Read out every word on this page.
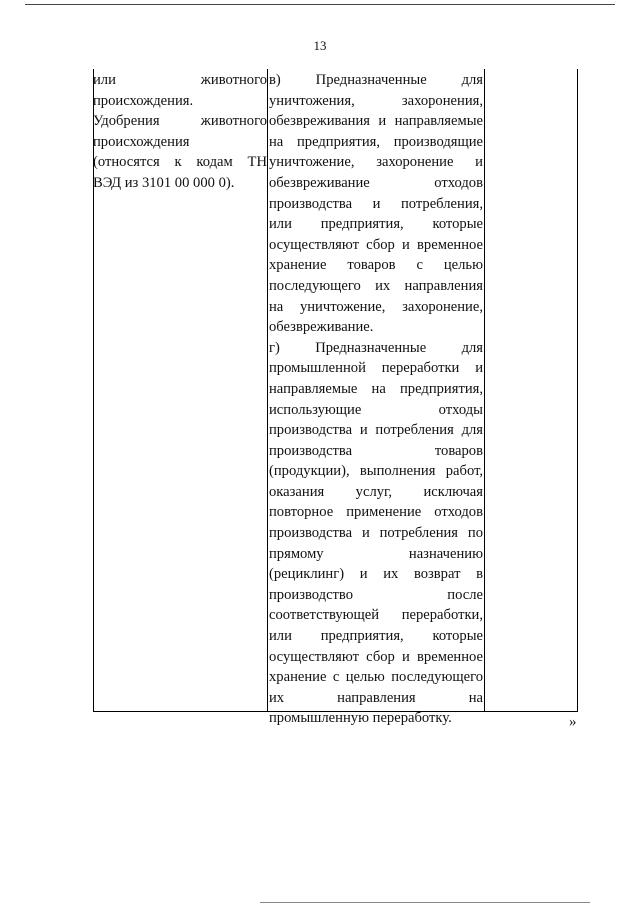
13
или животного
происхождения.
Удобрения животного
происхождения
(относятся к кодам ТН
ВЭД из 3101 00 000 0).
в) Предназначенные для
уничтожения, захоронения,
обезвреживания и направляемые
на предприятия, производящие
уничтожение, захоронение и
обезвреживание отходов
производства и потребления,
или предприятия, которые
осуществляют сбор и временное
хранение товаров с целью
последующего их направления
на уничтожение, захоронение,
обезвреживание.
г) Предназначенные для
промышленной переработки и
направляемые на предприятия,
использующие отходы
производства и потребления для
производства товаров
(продукции), выполнения работ,
оказания услуг, исключая
повторное применение отходов
производства и потребления по
прямому назначению
(рециклинг) и их возврат в
производство после
соответствующей переработки,
или предприятия, которые
осуществляют сбор и временное
хранение с целью последующего
их направления на
промышленную переработку.	»
